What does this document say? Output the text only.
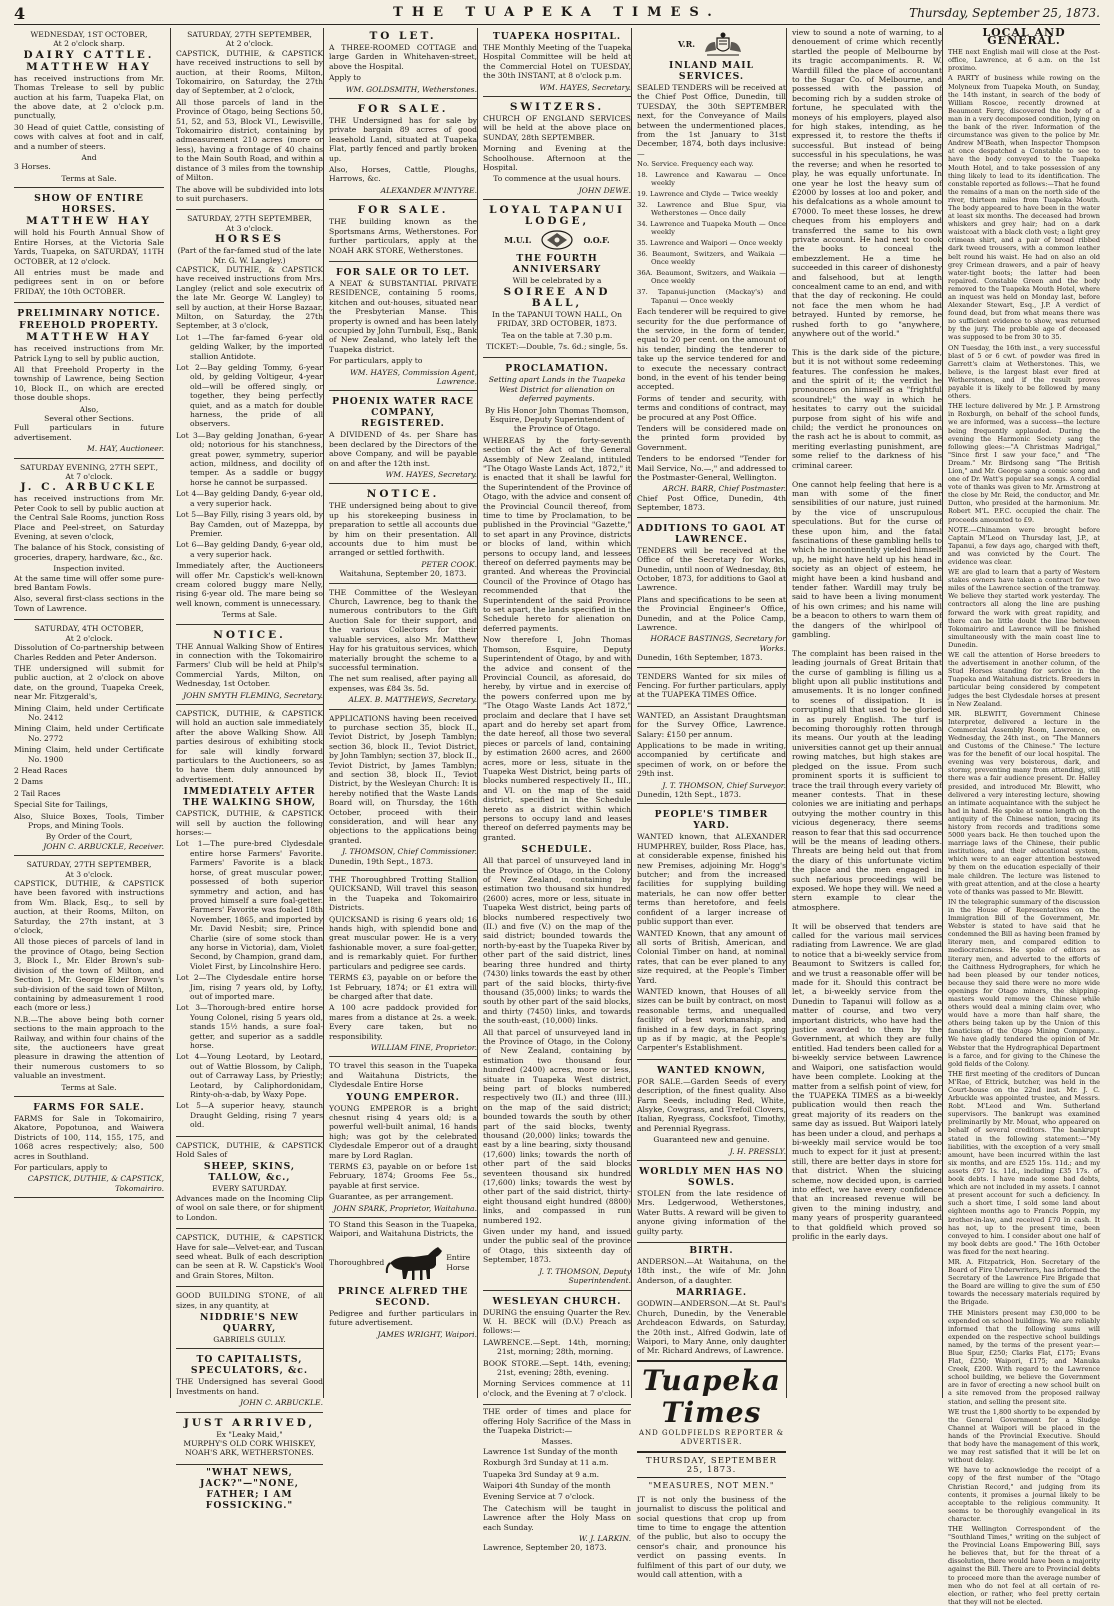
4	THE TUAPEKA TIMES.	Thursday, September 25, 1873.
WEDNESDAY, 1ST OCTOBER,
At 2 o'clock sharp.
DAIRY CATTLE.
MATTHEW HAY

has received instructions from Mr. Thomas Trelease to sell by public auction at his farm, Tuapeka Flat, on the above date, at 2 o'clock p.m. punctually,

30 Head of quiet Cattle, consisting of cows with calves at foot and in calf, and a number of steers.

And

3 Horses.

Terms at Sale.
SHOW OF ENTIRE HORSES.
MATTHEW HAY

will hold his Fourth Annual Show of Entire Horses, at the Victoria Sale Yards, Tuapeka, on SATURDAY, 11TH OCTOBER, at 12 o'clock.

All entries must be made and pedigrees sent in on or before FRIDAY, the 10th OCTOBER.

PRELIMINARY NOTICE.
FREEHOLD PROPERTY.
MATTHEW HAY

has received instructions from Mr. Patrick Lyng to sell by public auction,

All that Freehold Property in the township of Lawrence, being Section 10, Block II., on which are erected those double shops.

Also,
Several other Sections.

Full particulars in future advertisement.

M. HAY, Auctioneer.
SATURDAY EVENING, 27TH SEPT.,
At 7 o'clock.
J. C. ARBUCKLE

has received instructions from Mr. Peter Cook to sell by public auction at the Central Sale Rooms, junction Ross Place and Peel-street, on Saturday Evening, at seven o'clock,

The balance of his Stock, consisting of groceries, drapery, hardware, &c., &c.

Inspection invited.

At the same time will offer some pure-bred Bantam Fowls.

Also, several first-class sections in the Town of Lawrence.

SATURDAY, 4TH OCTOBER,
At 2 o'clock.

Dissolution of Co-partnership between Charles Redden and Peter Anderson.

THE undersigned will submit for public auction, at 2 o'clock on above date, on the ground, Tuapeka Creek, near Mr. Fitzgerald's,

Mining Claim, held under Certificate No. 2412

Mining Claim, held under Certificate No. 2772

Mining Claim, held under Certificate No. 1900

2 Head Races

2 Dams

2 Tail Races

Special Site for Tailings,

Also, Sluice Boxes, Tools, Timber Props, and Mining Tools.

By Order of the Court,
JOHN C. ARBUCKLE, Receiver.
SATURDAY, 27TH SEPTEMBER,
At 3 o'clock.

CAPSTICK, DUTHIE, & CAPSTICK have been favored with instructions from Wm. Black, Esq., to sell by auction, at their Rooms, Milton, on Saturday, the 27th instant, at 3 o'clock,

All those pieces of parcels of land in the province of Otago, being Section 3, Block I., Mr. Elder Brown's sub-division of the town of Milton, and Section 1, Mr. George Elder Brown's sub-division of the said town of Milton, containing by admeasurement 1 rood each (more or less.)

N.B.—The above being both corner sections to the main approach to the Railway, and within four chains of the site, the auctioneers have great pleasure in drawing the attention of their numerous customers to so valuable an investment.

Terms at Sale.
FARMS FOR SALE.

FARMS for Sale in Tokomairiro, Akatore, Popotunoa, and Waiwera Districts of 100, 114, 155, 175, and 1068 acres respectively; also, 500 acres in Southland.

For particulars, apply to

CAPSTICK, DUTHIE, & CAPSTICK, Tokomairiro.
SATURDAY, 27TH SEPTEMBER,
At 2 o'clock.

CAPSTICK, DUTHIE, & CAPSTICK have received instructions to sell by auction, at their Rooms, Milton, Tokomairiro, on Saturday, the 27th day of September, at 2 o'clock,

All those parcels of land in the Province of Otago, being Sections 50, 51, 52, and 53, Block VI., Lewisville, Tokomairiro district, containing by admeasurement 210 acres (more or less), having a frontage of 40 chains to the Main South Road, and within a distance of 3 miles from the township of Milton.

The above will be subdivided into lots to suit purchasers.

SATURDAY, 27TH SEPTEMBER,
At 3 o'clock.
HORSES
(Part of the far-famed stud of the late Mr. G. W. Langley.)

CAPSTICK, DUTHIE, & CAPSTICK have received instructions from Mrs. Langley (relict and sole executrix of the late Mr. George W. Langley) to sell by auction, at their Horse Bazaar, Milton, on Saturday, the 27th September, at 3 o'clock,

Lot 1—The far-famed 6-year old gelding Walker, by the imported stallion Antidote.

Lot 2—Bay gelding Tommy, 6-year old, by gelding Voltigeur, 4-year old—will be offered singly, or together, they being perfectly quiet, and as a match for double harness, the pride of all observers.

Lot 3—Bay gelding Jonathan, 6-year old; notorious for his stanchness, great power, symmetry, superior action, mildness, and docility of temper. As a saddle or buggy horse he cannot be surpassed.

Lot 4—Bay gelding Dandy, 6-year old, a very superior hack.

Lot 5—Bay Filly, rising 3 years old, by Bay Camden, out of Mazeppa, by Premier.

Lot 6—Bay gelding Dandy, 6-year old, a very superior hack.

Immediately after, the Auctioneers will offer Mr. Capstick's well-known cream colored buggy mare Nelly, rising 6-year old. The mare being so well known, comment is unnecessary.

Terms at Sale.
NOTICE.

THE Annual Walking Show of Entires in connection with the Tokomairiro Farmers' Club will be held at Philp's Commercial Yards, Milton, on Wednesday, 1st October.

JOHN SMYTH FLEMING, Secretary.

CAPSTICK, DUTHIE, & CAPSTICK will hold an auction sale immediately after the above Walking Show. All parties desirous of exhibiting stock for sale will kindly forward particulars to the Auctioneers, so as to have them duly announced by advertisement.

IMMEDIATELY AFTER THE WALKING SHOW,

CAPSTICK, DUTHIE, & CAPSTICK will sell by auction the following horses:—

Lot 1—The pure-bred Clydesdale entire horse Farmers' Favorite. Farmers' Favorite is a black horse, of great muscular power, possessed of both superior symmetry and action, and has proved himself a sure foal-getter. Farmers' Favorite was foaled 18th November, 1865, and imported by Mr. David Nesbit; sire, Prince Charlie (sire of some stock than any horse in Victoria), dam, Violet Second, by Champion, grand dam, Violet First, by Lincolnshire Hero.

Lot 2—The Clydesdale entire horse Jim, rising 7 years old, by Lofty, out of imported mare.

Lot 3—Thorough-bred entire horse Young Colonel, rising 5 years old, stands 15½ hands, a sure foal-getter, and superior as a saddle horse.

Lot 4—Young Leotard, by Leotard, out of Wattie Blossom, by Caliph, out of Carraway Lass, by Priestly; Leotard, by Caliphordonidam, Rinty-oh-a-dab, by Waxy Pope.

Lot 5—A superior heavy, staunch Draught Gelding, rising 7 years old.

CAPSTICK, DUTHIE, & CAPSTICK Hold Sales of

SHEEP, SKINS, TALLOW, &c.,
EVERY SATURDAY.

Advances made on the Incoming Clip of wool on sale there, or for shipment to London.

CAPSTICK, DUTHIE, & CAPSTICK Have for sale—Velvet-ear, and Tuscan seed wheat. Bulk of each description can be seen at R. W. Capstick's Wool and Grain Stores, Milton.

GOOD BUILDING STONE, of all sizes, in any quantity, at

NIDDRIE'S NEW QUARRY,
GABRIELS GULLY.
TO CAPITALISTS, SPECULATORS, &c.

THE Undersigned has several Good Investments on hand.

JOHN C. ARBUCKLE.
JUST ARRIVED,
Ex "Leaky Maid,"

MURPHY'S OLD CORK WHISKEY, NOAH'S ARK, WETHERSTONES.

"WHAT NEWS, JACK?"—"NONE, FATHER; I AM FOSSICKING."

TO LET.

A THREE-ROOMED COTTAGE and large Garden in Whitehaven-street, above the Hospital.

Apply to

WM. GOLDSMITH, Wetherstones.
FOR SALE.

THE Undersigned has for sale by private bargain 89 acres of good leasehold Land, situated at Tuapeka Flat, partly fenced and partly broken up.

Also, Horses, Cattle, Ploughs, Harrows, &c.

ALEXANDER M'INTYRE.
FOR SALE.

THE building known as the Sportsmans Arms, Wetherstones. For further particulars, apply at the NOAH ARK STORE, Wetherstones.

FOR SALE OR TO LET.

A NEAT & SUBSTANTIAL PRIVATE RESIDENCE, containing 5 rooms, kitchen and out-houses, situated near the Presbyterian Manse. This property is owned and has been lately occupied by John Turnbull, Esq., Bank of New Zealand, who lately left the Tuapeka district.

For particulars, apply to

WM. HAYES, Commission Agent, Lawrence.
PHOENIX WATER RACE COMPANY, REGISTERED.

A DIVIDEND of 4s. per Share has been declared by the Directors of the above Company, and will be payable on and after the 12th inst.

WM. HAYES, Secretary.
NOTICE.

THE undersigned being about to give up his storekeeping business in preparation to settle all accounts due by him on their presentation. All accounts due to him must be arranged or settled forthwith.

PETER COOK.
Waitahuna, September 20, 1873.

THE Committee of the Wesleyan Church, Lawrence, beg to thank the numerous contributors to the Gift Auction Sale for their support, and the various Collectors for their valuable services, also Mr. Matthew Hay for his gratuitous services, which materially brought the scheme to a successful termination.

The net sum realised, after paying all expenses, was £84 3s. 5d.

ALEX. B. MATTHEWS, Secretary.

APPLICATIONS having been received to purchase section 35, block II., Teviot District, by Joseph Tamblyn; section 36, block II., Teviot District, by John Tamblyn; section 37, block II., Teviot District, by James Tamblyn; and section 38, block II., Teviot District, by the Wesleyan Church: It is hereby notified that the Waste Lands Board will, on Thursday, the 16th October, proceed with their consideration, and will hear any objections to the applications being granted.

J. THOMSON, Chief Commissioner.
Dunedin, 19th Sept., 1873.

THE Thoroughbred Trotting Stallion QUICKSAND, Will travel this season in the Tuapeka and Tokomairiro Districts.

QUICKSAND is rising 6 years old; 16 hands high, with splendid bone and great muscular power. He is a very fashionable mover, a sure foal-getter, and is remarkably quiet. For further particulars and pedigree see cards.

TERMS £3, payable on or before the 1st February, 1874; or £1 extra will be charged after that date.

A 100 acre paddock provided for mares from a distance at 2s. a week. Every care taken, but no responsibility.

WILLIAM FINE, Proprietor.

TO travel this season in the Tuapeka and Waitahuna Districts, the Clydesdale Entire Horse

YOUNG EMPEROR.

YOUNG EMPEROR is a bright chesnut rising 4 years old; is a powerful well-built animal, 16 hands high; was got by the celebrated Clydesdale Emperor out of a draught mare by Lord Raglan.

TERMS £3, payable on or before 1st February, 1874; Grooms Fee 5s., payable at first service.

Guarantee, as per arrangement.

JOHN SPARK, Proprietor, Waitahuna.

TO Stand this Season in the Tuapeka, Waipori, and Waitahuna Districts, the

Thoroughbred
Entire Horse
PRINCE ALFRED THE SECOND.

Pedigree and further particulars in future advertisement.

JAMES WRIGHT, Waipori.
TUAPEKA HOSPITAL.

THE Monthly Meeting of the Tuapeka Hospital Committee will be held at the Commercial Hotel on TUESDAY, the 30th INSTANT, at 8 o'clock p.m.

WM. HAYES, Secretary.
SWITZERS.

CHURCH OF ENGLAND SERVICES will be held at the above place on SUNDAY, 28th SEPTEMBER.

Morning and Evening at the Schoolhouse. Afternoon at the Hospital.

To commence at the usual hours.

JOHN DEWE.
LOYAL TAPANUI LODGE,
M.U.I.	O.O.F.
THE FOURTH ANNIVERSARY
Will be celebrated by a
SOIREE AND BALL,

In the TAPANUI TOWN HALL, On FRIDAY, 3RD OCTOBER, 1873.

Tea on the table at 7.30 p.m.

TICKET:—Double, 7s. 6d.; single, 5s.

PROCLAMATION.

Setting apart Lands in the Tuapeka West District for alienation on deferred payments.

By His Honor John Thomas Thomson, Esquire, Deputy Superintendent of the Province of Otago.

WHEREAS by the forty-seventh section of the Act of the General Assembly of New Zealand, intituled "The Otago Waste Lands Act, 1872," it is enacted that it shall be lawful for the Superintendent of the Province of Otago, with the advice and consent of the Provincial Council thereof, from time to time by Proclamation, to be published in the Provincial "Gazette," to set apart in any Province, districts or blocks of land, within which persons to occupy land, and lessees thereof on deferred payments may be granted. And whereas the Provincial Council of the Province of Otago has recommended that the Superintendent of the said Province to set apart, the lands specified in the Schedule hereto for alienation on deferred payments.

Now therefore I, John Thomas Thomson, Esquire, Deputy Superintendent of Otago, by and with the advice and consent of the Provincial Council, as aforesaid, do hereby, by virtue and in exercise of the powers conferred upon me by "The Otago Waste Lands Act 1872," proclaim and declare that I have set apart and do hereby set apart from the date hereof, all those two several pieces or parcels of land, containing by estimation 2600 acres, and 2600 acres, more or less, situate in the Tuapeka West District, being parts of blocks numbered respectively II., III., and VI. on the map of the said district, specified in the Schedule hereto as a district within which persons to occupy land and leases thereof on deferred payments may be granted.

SCHEDULE.

All that parcel of unsurveyed land in the Province of Otago, in the Colony of New Zealand, containing by estimation two thousand six hundred (2600) acres, more or less, situate in Tuapeka West district, being parts of blocks numbered respectively two (II.) and five (V.) on the map of the said district; bounded towards the north-by-east by the Tuapeka River by other part of the said district, lines bearing three hundred and thirty (7430) links towards the east by other part of the said blocks, thirty-five thousand (35,000) links; to wards the south by other part of the said blocks, and thirty (7450) links, and towards the south-east, (10,000) links.

All that parcel of unsurveyed land in the Province of Otago, in the Colony of New Zealand, containing by estimation two thousand four hundred (2400) acres, more or less, situate in Tuapeka West district, being part of blocks numbered respectively two (II.) and three (III.) on the map of the said district; bounded towards the south by other part of the said blocks, twenty thousand (20,000) links; towards the east by a line bearing, sixty thousand (17,600) links; towards the north of other part of the said blocks seventeen thousand six hundred (17,600) links; towards the west by other part of the said district, thirty-eight thousand eight hundred (8800) links, and compassed in run numbered 192.

Given under my hand, and issued under the public seal of the province of Otago, this sixteenth day of September, 1873.

J. T. THOMSON, Deputy Superintendent.
WESLEYAN CHURCH.

DURING the ensuing Quarter the Rev. W. H. BECK will (D.V.) Preach as follows:—

LAWRENCE.—Sept. 14th, morning; 21st, morning; 28th, morning.

BOOK STORE.—Sept. 14th, evening; 21st, evening; 28th, evening.

Morning Services commence at 11 o'clock, and the Evening at 7 o'clock.

THE order of times and place for offering Holy Sacrifice of the Mass in the Tuapeka District:—

Masses.

Lawrence 1st Sunday of the month

Roxburgh 3rd Sunday at 11 a.m.

Tuapeka 3rd Sunday at 9 a.m.

Waipori 4th Sunday of the month

Evening Service at 7 o'clock.

The Catechism will be taught in Lawrence after the Holy Mass on each Sunday.

W. J. LARKIN.
Lawrence, September 20, 1873.
V.R.
INLAND MAIL SERVICES.

SEALED TENDERS will be received at the Chief Post Office, Dunedin, till TUESDAY, the 30th SEPTEMBER next, for the Conveyance of Mails between the undermentioned places, from the 1st January to 31st December, 1874, both days inclusive:—

No. Service. Frequency each way.

18. Lawrence and Kawarau — Once weekly

19. Lawrence and Clyde — Twice weekly

32. Lawrence and Blue Spur, via Wetherstones — Once daily

34. Lawrence and Tuapeka Mouth — Once weekly

35. Lawrence and Waipori — Once weekly

36. Beaumont, Switzers, and Waikaia — Once weekly

36A. Beaumont, Switzers, and Waikaia — Once weekly

37. Tapanui-junction (Mackay's) and Tapanui — Once weekly

Each tenderer will be required to give security for the due performance of the service, in the form of tender, equal to 20 per cent. on the amount of his tender, binding the tenderer to take up the service tendered for and to execute the necessary contract bond, in the event of his tender being accepted.

Forms of tender and security, with terms and conditions of contract, may be procured at any Post Office.

Tenders will be considered made on the printed form provided by Government.

Tenders to be endorsed "Tender for Mail Service, No.—," and addressed to the Postmaster-General, Wellington.

ARCH. BARR, Chief Postmaster.
Chief Post Office, Dunedin, 4th September, 1873.
ADDITIONS TO GAOL AT LAWRENCE.

TENDERS will be received at the Office of the Secretary for Works, Dunedin, until noon of Wednesday, 8th October, 1873, for additions to Gaol at Lawrence.

Plans and specifications to be seen at the Provincial Engineer's Office, Dunedin, and at the Police Camp, Lawrence.

HORACE BASTINGS, Secretary for Works.
Dunedin, 16th September, 1873.

TENDERS Wanted for six miles of Fencing. For further particulars, apply at the TUAPEKA TIMES Office.

WANTED, an Assistant Draughtsman for the Survey Office, Lawrence. Salary: £150 per annum.

Applications to be made in writing, accompanied by certificate and specimen of work, on or before the 29th inst.

J. T. THOMSON, Chief Surveyor.
Dunedin, 12th Sept., 1873.
PEOPLE'S TIMBER YARD.

WANTED known, that ALEXANDER HUMPHREY, builder, Ross Place, has, at considerable expense, finished his new Premises, adjoining Mr. Hogg's butcher; and from the increased facilities for supplying building materials, he can now offer better terms than heretofore, and feels confident of a larger increase of public support than ever.

WANTED Known, that any amount of all sorts of British, American, and Colonial Timber on hand, at nominal rates, that can be ever planed to any size required, at the People's Timber Yard.

WANTED known, that Houses of all sizes can be built by contract, on most reasonable terms, and unequalled facility of best workmanship, and finished in a few days, in fact spring up as if by magic, at the People's Carpenter's Establishment.

WANTED KNOWN,

FOR SALE.—Garden Seeds of every description, of the finest quality. Also Farm Seeds, including Red, White, Alsyke, Cowgrass, and Trefoil Clovers, Italian, Ryegrass, Cocksfoot, Timothy, and Perennial Ryegrass.

Guaranteed new and genuine.

J. H. PRESSLY.
WORLDLY MEN HAS NO SOWLS.

STOLEN from the late residence of Mrs. Ledgerwood, Wetherstones, Water Butts. A reward will be given to anyone giving information of the guilty party.

BIRTH.

ANDERSON.—At Waitahuna, on the 18th inst., the wife of Mr. John Anderson, of a daughter.

MARRIAGE.

GODWIN—ANDERSON.—At St. Paul's Church, Dunedin, by the Venerable Archdeacon Edwards, on Saturday, the 20th inst., Alfred Godwin, late of Waipori, to Mary Anne, only daughter of Mr. Richard Andrews, of Lawrence.

Tuapeka Times
AND GOLDFIELDS REPORTER & ADVERTISER.
THURSDAY, SEPTEMBER 25, 1873.
"MEASURES, NOT MEN."

IT is not only the business of the journalist to discuss the political and social questions that crop up from time to time to engage the attention of the public, but also to occupy the censor's chair, and pronounce his verdict on passing events. In fulfilment of this part of our duty, we would call attention, with a

view to sound a note of warning, to a denouement of crime which recently startled the people of Melbourne by its tragic accompaniments. R. W. Wardill filled the place of accountant to the Sugar Co. of Melbourne, and possessed with the passion of becoming rich by a sudden stroke of fortune, he speculated with the moneys of his employers, played also for high stakes, intending, as he expressed it, to restore the thefts if successful. But instead of being successful in his speculations, he was the reverse; and when he resorted to play, he was equally unfortunate. In one year he lost the heavy sum of £2000 by losses at loo and poker, and his defalcations as a whole amount to £7000. To meet these losses, he drew cheques from his employers and transferred the same to his own private account. He had next to cook the books to conceal the embezzlement. He a time he succeeded in this career of dishonesty and falsehood, but at length concealment came to an end, and with that the day of reckoning. He could not face the men whom he had betrayed. Hunted by remorse, he rushed forth to go "anywhere, anywhere out of the world."

This is the dark side of the picture, but it is not without some redeeming features. The confession he makes, and the spirit of it; the verdict he pronounces on himself as a "frightful scoundrel;" the way in which he hesitates to carry out the suicidal purpose from sight of his wife and child; the verdict he pronounces on the rash act he is about to commit, as meriting everlasting punishment, are some relief to the darkness of his criminal career.

One cannot help feeling that here is a man with some of the finer sensibilities of our nature, just ruined by the vice of unscrupulous speculations. But for the curse of these upon him, and the fatal fascinations of these gambling hells to which he incontinently yielded himself up, he might have held up his head in society as an object of esteem, he might have been a kind husband and tender father. Wardill may truly be said to have been a living monument of his own crimes; and his name will be a beacon to others to warn them of the dangers of the whirlpool of gambling.

The complaint has been raised in the leading journals of Great Britain that the curse of gambling is filling us a blight upon all public institutions and amusements. It is no longer confined to scenes of dissipation. It is corrupting all that used to be gloried in as purely English. The turf is becoming thoroughly rotten through its means. Our youth at the leading universities cannot get up their annual rowing matches, but high stakes are pledged on the issue. From such prominent sports it is sufficient to trace the trail through every variety of meaner contests. That in these colonies we are initiating and perhaps outvying the mother country in this vicious degeneracy, there seems reason to fear that this sad occurrence will be the means of leading others. Threats are being held out that from the diary of this unfortunate victim the place and the men engaged in such nefarious proceedings will be exposed. We hope they will. We need a stern example to clear the atmosphere.

It will be observed that tenders are called for the various mail services radiating from Lawrence. We are glad to notice that a bi-weekly service from Beaumont to Switzers is called for, and we trust a reasonable offer will be made for it. Should this contract be let, a bi-weekly service from the Dunedin to Tapanui will follow as a matter of course, and two very important districts, who have had the justice awarded to them by the Government, at which they are fully entitled. Had tenders been called for a bi-weekly service between Lawrence and Waipori, one satisfaction would have been complete. Looking at the matter from a selfish point of view, for the TUAPEKA TIMES as a bi-weekly publication would then reach the great majority of its readers on the same day as issued. But Waipori lately has been under a cloud, and perhaps a bi-weekly mail service would be too much to expect for it just at present; still, there are better days in store for that district. When the sluicing scheme, now decided upon, is carried into effect, we have every confidence that an increased revenue will be given to the mining industry, and many years of prosperity guaranteed to that goldfield which proved so prolific in the early days.

LOCAL AND GENERAL.

THE next English mail will close at the Post-office, Lawrence, at 6 a.m. on the 1st proximo.

A PARTY of business while rowing on the Molyneux from Tuapeka Mouth, on Sunday, the 14th instant, in search of the body of William Roscoe, recently drowned at Beaumont Ferry, discovered the body of a man in a very decomposed condition, lying on the bank of the river. Information of the circumstance was given to the police by Mr. Andrew M'Beath, when Inspector Thompson at once despatched a Constable to see to have the body conveyed to the Tuapeka Mouth Hotel, and to take possession of any thing likely to lead to its identification. The constable reported as follows:—That he found the remains of a man on the north side of the river, thirteen miles from Tuapeka Mouth. The body appeared to have been in the water at least six months. The deceased had brown whiskers and grey hair; had on a dark waistcoat with a black cloth vest; a light grey crimean shirt, and a pair of broad ribbed dark tweed trousers, with a common leather belt round his waist. He had on also an old grey Crimean drawers, and a pair of heavy water-tight boots; the latter had been repaired. Constable Green and the body removed to the Tuapeka Mouth Hotel, where an inquest was held on Monday last, before Alexander Stewart, Esq., J.P. A verdict of found dead, but from what means there was no sufficient evidence to show, was returned by the jury. The probable age of deceased was supposed to be from 30 to 35.

ON Tuesday, the 16th inst., a very successful blast of 5 or 6 cwt. of powder was fired in Garrett's claim at Wetherstones. This, we believe, is the largest blast ever fired at Wetherstones, and if the result proves payable it is likely to be followed by many others.

THE lecture delivered by Mr. J. P. Armstrong in Roxburgh, on behalf of the school funds, we are informed, was a success—the lecture being frequently applauded. During the evening the Harmonic Society sang the following glees:—"A Christmas Madrigal," "Since first I saw your face," and "The Dream." Mr. Birdsong sang "The British Lion," and Mr. George sang a comic song and one of Dr. Watt's popular sea songs. A cordial vote of thanks was given to Mr. Armstrong at the close by Mr. Reid, the conductor, and Mr. Dutton, who presided at the harmonium. Mr. Robert M'L. P.F.C. occupied the chair. The proceeds amounted to £9.

NOTE.—Chinamen were brought before Captain M'Leod on Thursday last, J.P., at Tapanui, a few days ago, charged with theft, and was convicted by the Court. The evidence was clear.

WE are glad to learn that a party of Western stakes owners have taken a contract for two miles of the Lawrence section of the tramway. We believe they started work yesterday. The contractors all along the line are pushing forward the work with great rapidity, and there can be little doubt the line between Tokomairiro and Lawrence will be finished simultaneously with the main coast line to Dunedin.

WE call the attention of Horse breeders to the advertisement in another column, of the Stud Horses standing for service in the Tuapeka and Waitahuna districts. Breeders in particular being considered by competent judges the best Clydesdale horses at present in New Zealand.

MR. BLEWITT, Government Chinese Interpreter, delivered a lecture in the Commercial Assembly Room, Lawrence, on Wednesday, the 24th inst., on "The Manners and Customs of the Chinese." The lecture was for the benefit of our local hospital. The evening was very boisterous, dark, and stormy, preventing many from attending, still there was a fair audience present. Dr. Halley presided, and introduced Mr. Blewitt, who delivered a very interesting lecture, showing an intimate acquaintance with the subject he had in hand. He spoke at some length on the antiquity of the Chinese nation, tracing its history from records and traditions some 5000 years back. He then touched upon the marriage laws of the Chinese, their public institutions, and their educational system, which were to an eager attention bestowed by them on the education especially of their male children. The lecture was listened to with great attention, and at the close a hearty vote of thanks was passed to Mr. Blewitt.

IN the telegraphic summary of the discussion in the House of Representatives on the Immigration Bill of the Government, Mr. Webster is stated to have said that he condemned the Bill as having been framed by literary men, and compared edition to mediocraticness. He spoke of editors as literary men, and adverted to the efforts of the Caithness Hydrographers, for which he had been pleased by our tender notices, because they said there were no more wide openings for Otago miners, the shipping-masters would remove the Chinese while others would deal a mining claim over, who would have a more than half share, the others being taken up by the Union of this fanaticism of the Otago Mining Company... We have gladly tendered the opinion of Mr. Webster that the Hydrographical Department is a farce, and for giving to the Chinese the gold fields of the Colony.

THE first meeting of the creditors of Duncan M'Rae, of Ettrick, butcher, was held in the Court-house on the 22nd inst. Mr. J. C. Arbuckle was appointed trustee, and Messrs. Robt. M'Leod and Wm. Sutherland supervisors. The bankrupt was examined preliminarily by Mr. Mouat, who appeared on behalf of several creditors. The bankrupt stated in the following statement:—"My liabilities, with the exception of a very small amount, have been incurred within the last six months, and are £525 15s. 11d.; and my assets £97 1s. 11d., including £35 17s. of book debts. I have made some bad debts, which are not included in my assets. I cannot at present account for such a deficiency. In such a short time, I sold some land about eighteen months ago to Francis Poppin, my brother-in-law, and received £70 in cash. It has not, up to the present time, been conveyed to him. I consider about one half of my book debts are good." The 16th October was fixed for the next hearing.

MR. A. Fitzpatrick, Hon. Secretary of the Board of Fire Underwriters, has informed the Secretary of the Lawrence Fire Brigade that the Board are willing to give the sum of £50 towards the necessary materials required by the Brigade.

THE Ministers present may £30,000 to be expended on school buildings. We are reliably informed that the following sums will expended on the respective school buildings named, by the terms of the present year:—Blue Spur, £250; Clarks Flat, £175; Evans Flat, £250; Waipori, £175; and Manuka Creek, £200. With regard to the Lawrence school building, we believe the Government are in favor of erecting a new school built on a site removed from the proposed railway station, and selling the present site.

WE trust the 1,800 shortly to be expended by the General Government for a Sludge Channel at Waipori will be placed in the hands of the Provincial Executive. Should that body have the management of this work, we may rest satisfied that it will be let on without delay.

WE have to acknowledge the receipt of a copy of the first number of the "Otago Christian Record," and judging from its contents, it promises a journal likely to be acceptable to the religious community. It seems to be thoroughly evangelical in its character.

THE Wellington Correspondent of the "Southland Times," writing on the subject of the Provincial Loans Empowering Bill, says he believes that, but for the threat of a dissolution, there would have been a majority against the Bill. There are to Provincial debts to proceed more than the average number of men who do not feel at all certain of re-election, or rather, who feel pretty certain that they will not be elected.
